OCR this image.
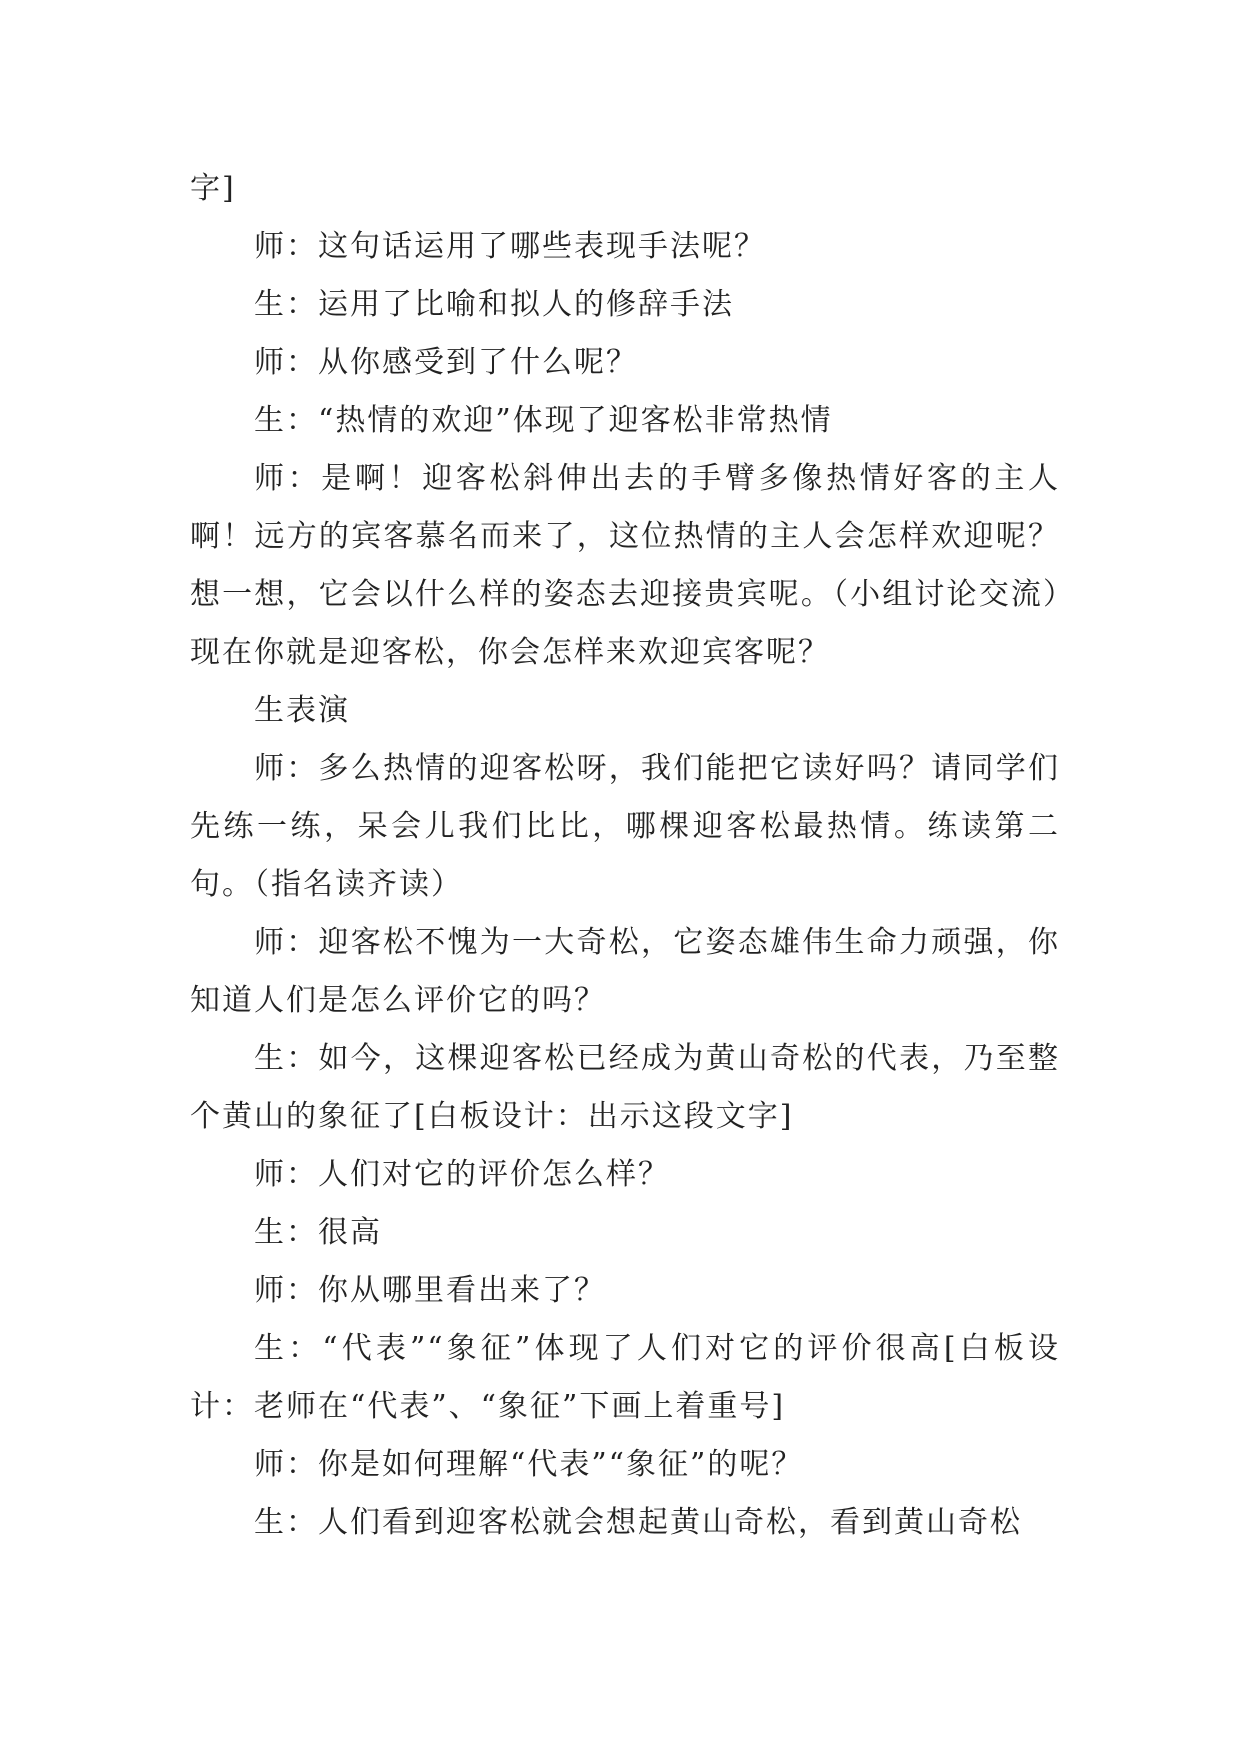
字]

师：这句话运用了哪些表现手法呢？

生：运用了比喻和拟人的修辞手法

师：从你感受到了什么呢？

生：“热情的欢迎”体现了迎客松非常热情

师：是啊！迎客松斜伸出去的手臂多像热情好客的主人啊！远方的宾客慕名而来了，这位热情的主人会怎样欢迎呢？想一想，它会以什么样的姿态去迎接贵宾呢。（小组讨论交流）现在你就是迎客松，你会怎样来欢迎宾客呢？

生表演

师：多么热情的迎客松呀，我们能把它读好吗？请同学们先练一练，呆会儿我们比比，哪棵迎客松最热情。练读第二句。（指名读齐读）

师：迎客松不愧为一大奇松，它姿态雄伟生命力顽强，你知道人们是怎么评价它的吗？

生：如今，这棵迎客松已经成为黄山奇松的代表，乃至整个黄山的象征了[白板设计：出示这段文字]

师：人们对它的评价怎么样？

生：很高

师：你从哪里看出来了？

生：“代表”“象征”体现了人们对它的评价很高[白板设计：老师在“代表”、“象征”下画上着重号]

师：你是如何理解“代表”“象征”的呢？

生：人们看到迎客松就会想起黄山奇松，看到黄山奇松
